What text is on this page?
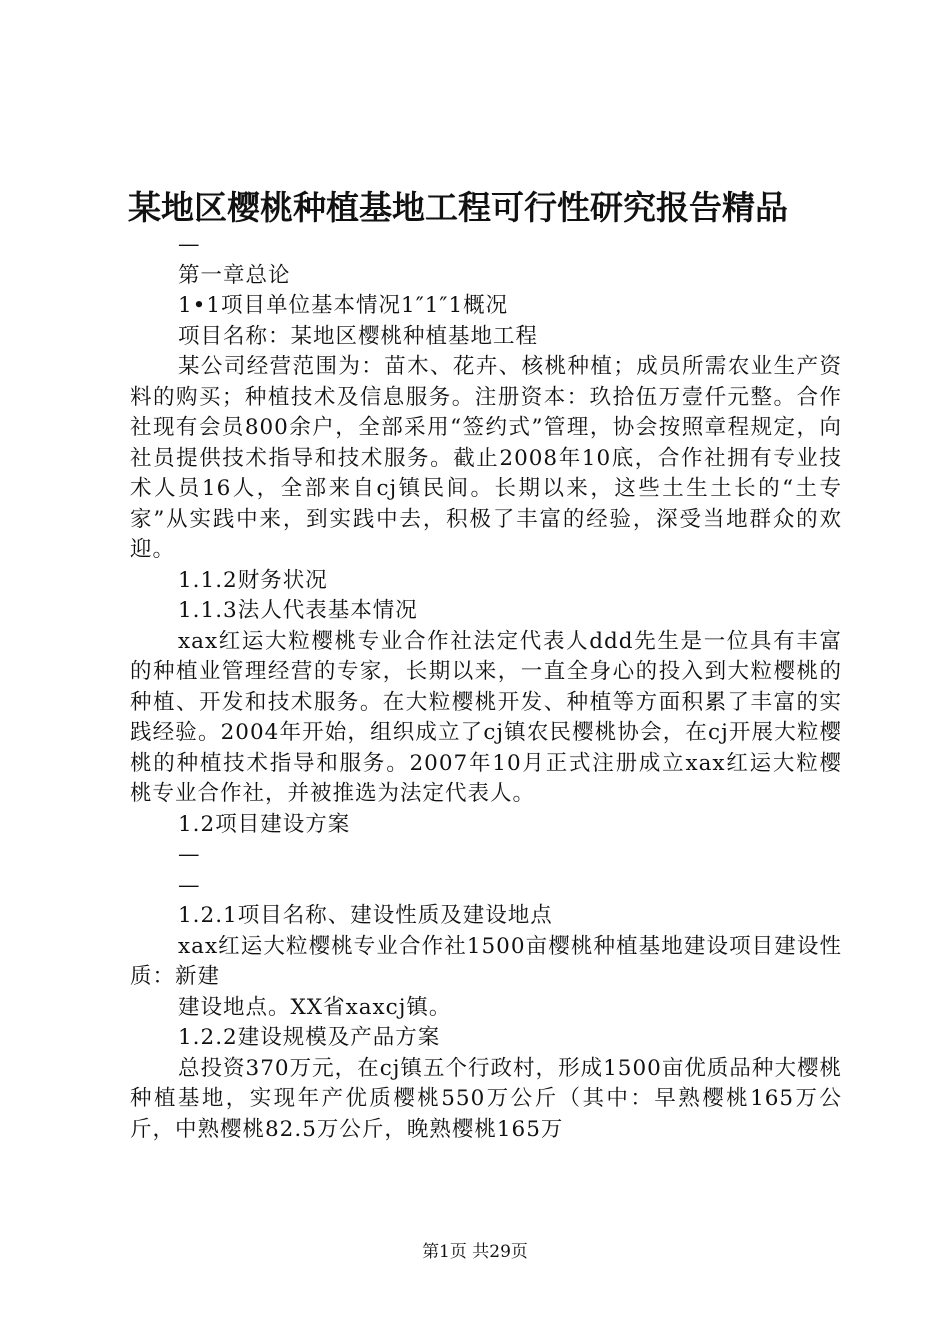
某地区樱桃种植基地工程可行性研究报告精品

—

第一章总论

1•1项目单位基本情况1″1″1概况

项目名称：某地区樱桃种植基地工程

某公司经营范围为：苗木、花卉、核桃种植；成员所需农业生产资料的购买；种植技术及信息服务。注册资本：玖拾伍万壹仟元整。合作社现有会员800余户，全部采用“签约式”管理，协会按照章程规定，向社员提供技术指导和技术服务。截止2008年10底，合作社拥有专业技术人员16人，全部来自cj镇民间。长期以来，这些土生土长的“土专家”从实践中来，到实践中去，积极了丰富的经验，深受当地群众的欢迎。

1.1.2财务状况

1.1.3法人代表基本情况

xax红运大粒樱桃专业合作社法定代表人ddd先生是一位具有丰富的种植业管理经营的专家，长期以来，一直全身心的投入到大粒樱桃的种植、开发和技术服务。在大粒樱桃开发、种植等方面积累了丰富的实践经验。2004年开始，组织成立了cj镇农民樱桃协会，在cj开展大粒樱桃的种植技术指导和服务。2007年10月正式注册成立xax红运大粒樱桃专业合作社，并被推选为法定代表人。

1.2项目建设方案

—

—

1.2.1项目名称、建设性质及建设地点

xax红运大粒樱桃专业合作社1500亩樱桃种植基地建设项目建设性质：新建

建设地点。XX省xaxcj镇。

1.2.2建设规模及产品方案

总投资370万元，在cj镇五个行政村，形成1500亩优质品种大樱桃种植基地，实现年产优质樱桃550万公斤（其中：早熟樱桃165万公斤，中熟樱桃82.5万公斤，晚熟樱桃165万

第1页 共29页
